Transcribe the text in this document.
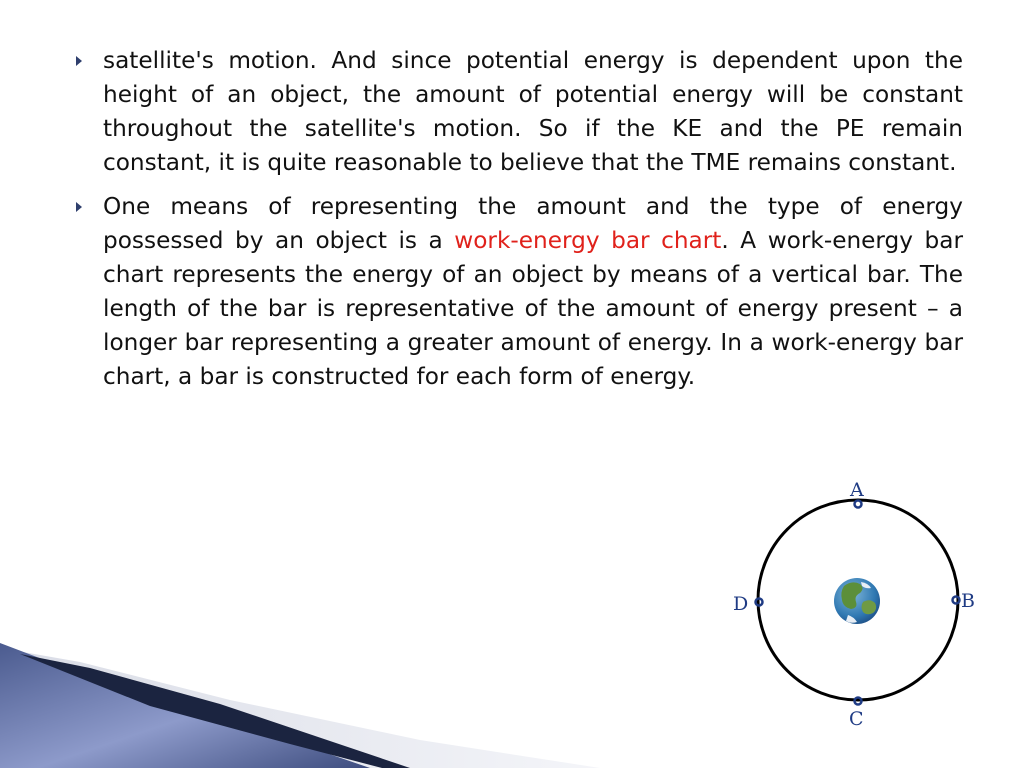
satellite's motion. And since potential energy is dependent upon the height of an object, the amount of potential energy will be constant throughout the satellite's motion. So if the KE and the PE remain constant, it is quite reasonable to believe that the TME remains constant.

One means of representing the amount and the type of energy possessed by an object is a work-energy bar chart. A work-energy bar chart represents the energy of an object by means of a vertical bar. The length of the bar is representative of the amount of energy present – a longer bar representing a greater amount of energy. In a work-energy bar chart, a bar is constructed for each form of energy.

A
B
C
D
